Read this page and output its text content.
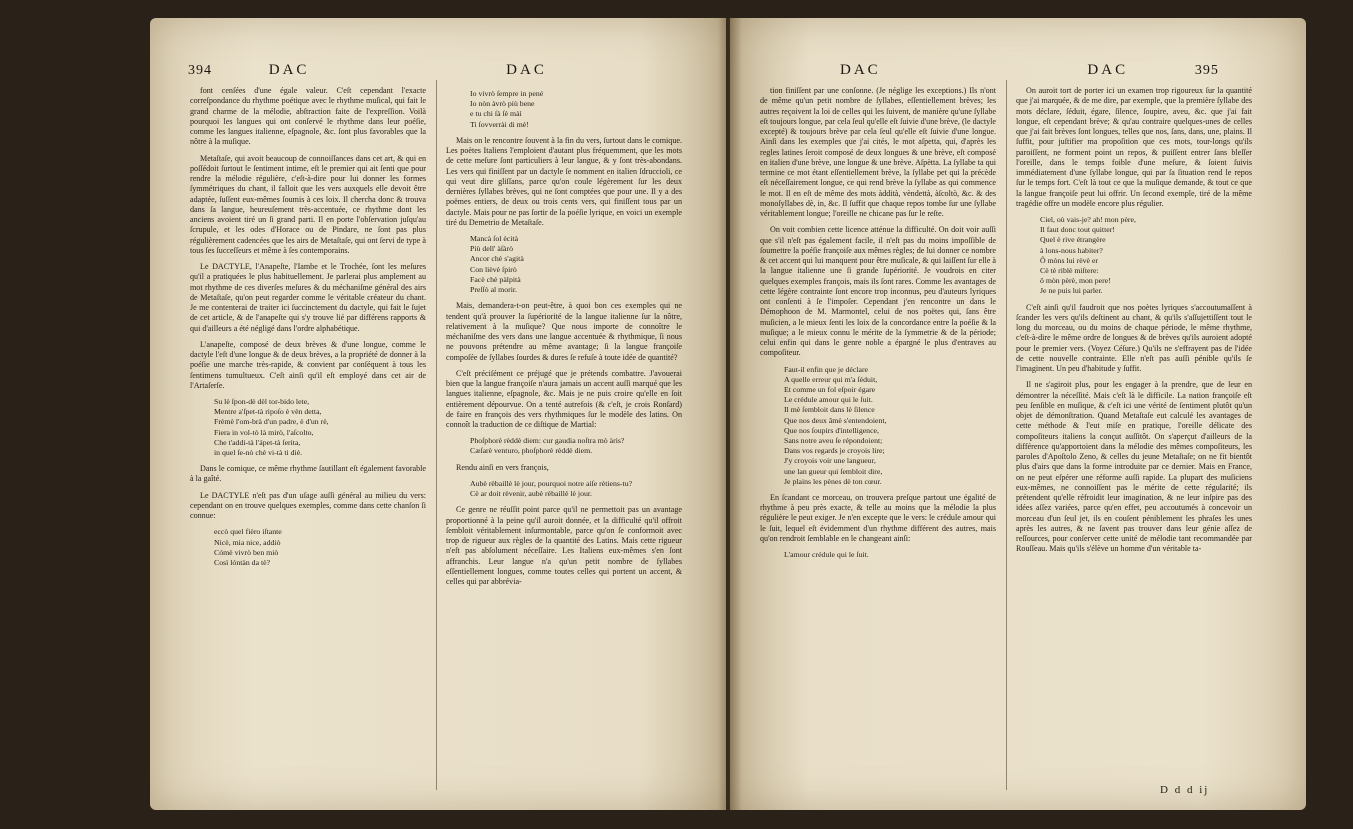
394	DAC	DAC

font cenſées d'une égale valeur. C'eſt cependant l'exacte correſpondance du rhythme poétique avec le rhythme muſical, qui fait le grand charme de la mélodie, abſtraction faite de l'expreſſion. Voilà pourquoi les langues qui ont conſervé le rhythme dans leur poéſie, comme les langues italienne, eſpagnole, &c. ſont plus favorables que la nôtre à la muſique.

Metaſtaſe, qui avoit beaucoup de connoiſſances dans cet art, & qui en poſſédoit ſurtout le ſentiment intime, eſt le premier qui ait ſenti que pour rendre la mélodie régulière, c'eſt-à-dire pour lui donner les formes ſymmétriques du chant, il falloit que les vers auxquels elle devoit être adaptée, ſuſſent eux-mêmes ſoumis à ces loix. Il chercha donc & trouva dans ſa langue, heureuſement très-accentuée, ce rhythme dont les anciens avoient tiré un ſi grand parti. Il en porte l'obſervation juſqu'au ſcrupule, et les odes d'Horace ou de Pindare, ne ſont pas plus régulièrement cadencées que les airs de Metaſtaſe, qui ont ſervi de type à tous ſes ſucceſſeurs et même à ſes contemporains.

Le DACTYLE, l'Anapeſte, l'Iambe et le Trochée, ſont les meſures qu'il a pratiquées le plus habituellement. Je parlerai plus amplement au mot rhythme de ces diverſes meſures & du méchaniſme général des airs de Metaſtaſe, qu'on peut regarder comme le véritable créateur du chant. Je me contenterai de traiter ici ſuccinctement du dactyle, qui fait le ſujet de cet article, & de l'anapeſte qui s'y trouve lié par différens rapports & qui d'ailleurs a été négligé dans l'ordre alphabétique.

L'anapeſte, composé de deux brèves & d'une longue, comme le dactyle l'eſt d'une longue & de deux brèves, a la propriété de donner à la poéſie une marche très-rapide, & convient par conſéquent à tous les ſentimens tumultueux. C'eſt ainſi qu'il eſt employé dans cet air de l'Artaſerſe.

Su lè ſpon-dè dèl tor-bido lete,
Mentre a'ſpet-tà ripoſo è vèn detta,
Frèmè l'om-brà d'un padre, è d'un rè,
Fiera in vol-tò là mirò, l'aſcolto,
Che t'addi-tà l'ápet-tà ſerita,
in quel ſe-nò chè vi-tà ti diè.

Dans le comique, ce même rhythme ſautillant eſt également favorable à la gaîté.

Le DACTYLE n'eſt pas d'un uſage auſſi général au milieu du vers: cependant on en trouve quelques exemples, comme dans cette chanſon ſi connue:

eccò quel fièro iſtante
Nicè, mia nice, addiò
Cómè vivrò ben miò
Così lóntàn da tè?
Io vivrò ſempre in pené
Io nòn àvrò più bene
e tu chi ſà ſè màì
Ti ſovverrài di mè!

Mais on le rencontre ſouvent à la fin du vers, ſurtout dans le comique. Les poètes Italiens l'emploient d'autant plus fréquemment, que les mots de cette meſure ſont particuliers à leur langue, & y ſont très-abondans. Les vers qui finiſſent par un dactyle ſe nomment en italien ſdruccioli, ce qui veut dire gliſſans, parce qu'on coule légèrement ſur les deux dernières ſyllabes brèves, qui ne ſont comptées que pour une. Il y a des poëmes entiers, de deux ou trois cents vers, qui finiſſent tous par un dactyle. Mais pour ne pas ſortir de la poéſie lyrique, en voici un exemple tiré du Demetrio de Metaſtaſe.

Mancà ſol ècità
Più dell' àſàrò
Ancor chè s'agità
Con lièvè ſpirò
Facè chè pàlpità
Preſſò al morir.

Mais, demandera-t-on peut-être, à quoi bon ces exemples qui ne tendent qu'à prouver la ſupériorité de la langue italienne ſur la nôtre, relativement à la muſique? Que nous importe de connoître le méchaniſme des vers dans une langue accentuée & rhythmique, ſi nous ne pouvons prétendre au même avantage; ſi la langue françoiſe compoſée de ſyllabes ſourdes & dures ſe refuſe à toute idée de quantité?

C'eſt préciſément ce préjugé que je prétends combattre. J'avouerai bien que la langue françoiſe n'aura jamais un accent auſſi marqué que les langues italienne, eſpagnole, &c. Mais je ne puis croire qu'elle en ſoit entièrement dépourvue. On a tenté autrefois (& c'eſt, je crois Ronſard) de faire en françois des vers rhythmiques ſur le modèle des latins. On connoît la traduction de ce diſtique de Martial:

Phoſphorè rèddè diem: cur gaudia noſtra mò àris?
Cæſarè venturo, phoſphorè rèddè diem.

Rendu ainſi en vers françois,

Aubè rèbaillè lè jour, pourquoi notre aiſe rètiens-tu?
Cè ar doit rèvenir, aubè rèbaillè lè jour.

Ce genre ne réuſſit point parce qu'il ne permettoit pas un avantage proportionné à la peine qu'il auroit donnée, et la difficulté qu'il offroit ſembloit véritablement inſurmontable, parce qu'on ſe conformoit avec trop de rigueur aux règles de la quantité des Latins. Mais cette rigueur n'eſt pas abſolument néceſſaire. Les Italiens eux-mêmes s'en ſont affranchis. Leur langue n'a qu'un petit nombre de ſyllabes eſſentiellement longues, comme toutes celles qui portent un accent, & celles qui par abbrévia-

DAC	DAC	395

tion finiſſent par une conſonne. (Je néglige les exceptions.) Ils n'ont de même qu'un petit nombre de ſyllabes, eſſentiellement brèves; les autres reçoivent la loi de celles qui les ſuivent, de manière qu'une ſyllabe eſt toujours longue, par cela ſeul qu'elle eſt ſuivie d'une brève, (le dactyle excepté) & toujours brève par cela ſeul qu'elle eſt ſuivie d'une longue. Ainſi dans les exemples que j'ai cités, le mot aſpetta, qui, d'après les regles latines ſeroit composé de deux longues & une brève, eſt composé en italien d'une brève, une longue & une brève. Aſpètta. La ſyllabe ta qui termine ce mot étant eſſentiellement brève, la ſyllabe pet qui la précède eſt néceſſairement longue, ce qui rend brève la ſyllabe as qui commence le mot. Il en eſt de même des mots àddità, vèndettà, àſcoltò, &c. & des monoſyllabes dè, in, &c. Il ſuffit que chaque repos tombe ſur une ſyllabe véritablement longue; l'oreille ne chicane pas ſur le reſte.

On voit combien cette licence atténue la difficulté. On doit voir auſſi que s'il n'eſt pas également facile, il n'eſt pas du moins impoſſible de ſoumettre la poéſie françoiſe aux mêmes règles; de lui donner ce nombre & cet accent qui lui manquent pour être muſicale, & qui laiſſent ſur elle à la langue italienne une ſi grande ſupériorité. Je voudrois en citer quelques exemples françois, mais ils ſont rares. Comme les avantages de cette légère contrainte ſont encore trop inconnus, peu d'auteurs lyriques ont conſenti à ſe l'impoſer. Cependant j'en rencontre un dans le Démophoon de M. Marmontel, celui de nos poëtes qui, ſans être muſicien, a le mieux ſenti les loix de la concordance entre la poéſie & la muſique; a le mieux connu le mérite de la ſymmetrie & de la période; celui enfin qui dans le genre noble a épargné le plus d'entraves au compoſiteur.

Faut-il enfin que je déclare
A quelle erreur qui m'a ſéduit,
Et comme un fol eſpoir égare
Le crédule amour qui le ſuit.
Il mè ſembloit dans lè ſilence
Que nos deux âmè s'entendoient,
Que nos ſoupirs d'intelligence,
Sans notre aveu ſe répondoient;
Dans vos regards je croyois lire;
J'y croyois voir une langueur,
une lan gueur qui ſembloit dire,
Je plains les pènes dè ton cœur.

En ſcandant ce morceau, on trouvera preſque partout une égalité de rhythme à peu près exacte, & telle au moins que la mélodie la plus régulière le peut exiger. Je n'en excepte que le vers: le crédule amour qui le ſuit, lequel eſt évidemment d'un rhythme différent des autres, mais qu'on rendroit ſemblable en le changeant ainſi:

L'amour crédule qui le ſuit.

On auroit tort de porter ici un examen trop rigoureux ſur la quantité que j'ai marquée, & de me dire, par exemple, que la première ſyllabe des mots déclare, ſéduit, égare, ſilence, ſoupire, aveu, &c. que j'ai fait longue, eſt cependant brève; & qu'au contraire quelques-unes de celles que j'ai fait brèves ſont longues, telles que nos, ſans, dans, une, plains. Il ſuffit, pour juſtifier ma propoſition que ces mots, tour-longs qu'ils paroiſſent, ne forment point un repos, & puiſſent entrer ſans bleſſer l'oreille, dans le temps foible d'une meſure, & ſoient ſuivis immédiatement d'une ſyllabe longue, qui par ſa ſituation rend le repos ſur le temps fort. C'eſt là tout ce que la muſique demande, & tout ce que la langue françoiſe peut lui offrir. Un ſecond exemple, tiré de la même tragédie offre un modèle encore plus régulier.

Ciel, où vais-je? ah! mon père,
Il faut donc tout quitter!
Quel è rive étrangère
à lons-nous habiter?
Ô mòns lui rèvè er
Cè tè riblè miſtere:
ô mòn pèrè, mon pere!
Je ne puis lui parler.

C'eſt ainſi qu'il faudroit que nos poètes lyriques s'accoutumaſſent à ſcander les vers qu'ils deſtinent au chant, & qu'ils s'aſſujettiſſent tout le long du morceau, ou du moins de chaque période, le même rhythme, c'eſt-à-dire le même ordre de longues & de brèves qu'ils auroient adopté pour le premier vers. (Voyez Céſure.) Qu'ils ne s'effrayent pas de l'idée de cette nouvelle contrainte. Elle n'eſt pas auſſi pénible qu'ils ſe l'imaginent. Un peu d'habitude y ſuffit.

Il ne s'agiroit plus, pour les engager à la prendre, que de leur en démontrer la néceſſité. Mais c'eſt là le difficile. La nation françoiſe eſt peu ſenſible en muſique, & c'eſt ici une vérité de ſentiment plutôt qu'un objet de démonſtration. Quand Metaſtaſe eut calculé les avantages de cette méthode & l'eut miſe en pratique, l'oreille délicate des compoſiteurs italiens la conçut auſſitôt. On s'aperçut d'ailleurs de la différence qu'apportoient dans la mélodie des mêmes compoſiteurs, les paroles d'Apoſtolo Zeno, & celles du jeune Metaſtaſe; on ne fit bientôt plus d'airs que dans la forme introduite par ce dernier. Mais en France, on ne peut eſpérer une réforme auſſi rapide. La plupart des muſiciens eux-mêmes, ne connoiſſent pas le mérite de cette régularité; ils prétendent qu'elle réfroidit leur imagination, & ne leur inſpire pas des idées aſſez variées, parce qu'en effet, peu accoutumés à concevoir un morceau d'un ſeul jet, ils en couſent péniblement les phraſes les unes après les autres, & ne ſavent pas trouver dans leur génie aſſez de reſſources, pour conſerver cette unité de mélodie tant recommandée par Rouſſeau. Mais qu'ils s'élève un homme d'un véritable ta-

D d d ij
